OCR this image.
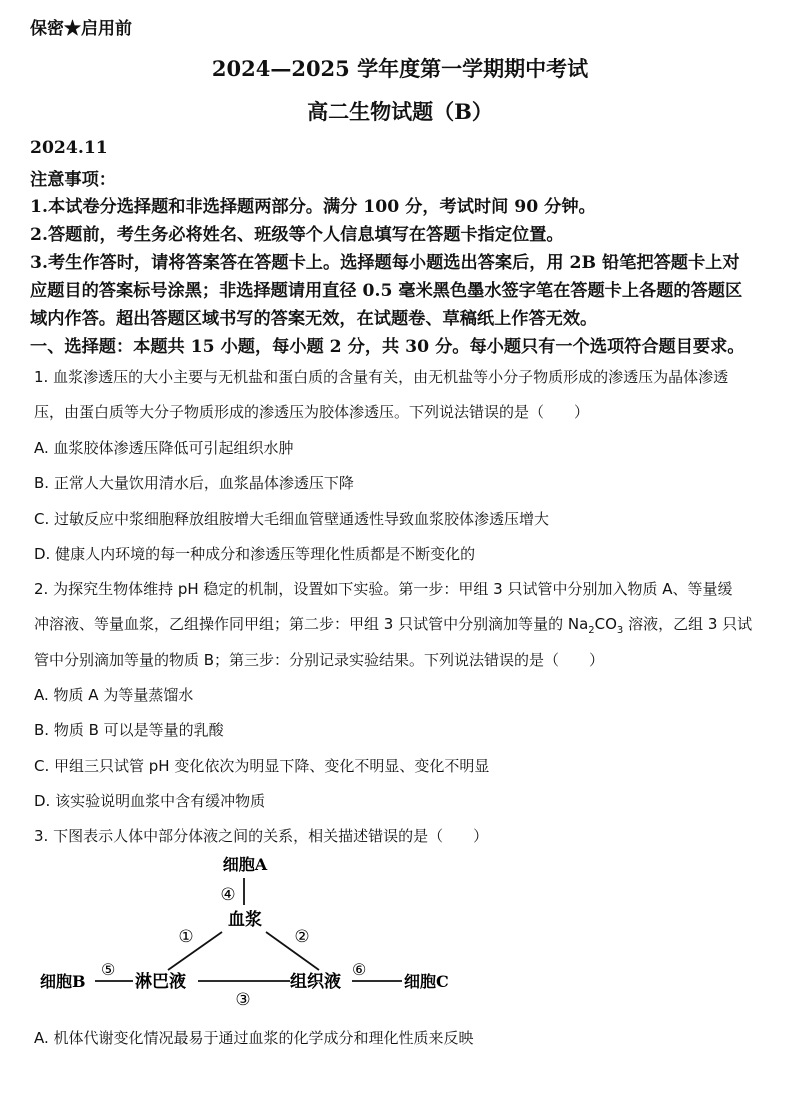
保密★启用前
2024—2025 学年度第一学期期中考试
高二生物试题（B）
2024.11
注意事项：
1.本试卷分选择题和非选择题两部分。满分 100 分，考试时间 90 分钟。
2.答题前，考生务必将姓名、班级等个人信息填写在答题卡指定位置。
3.考生作答时，请将答案答在答题卡上。选择题每小题选出答案后，用 2B 铅笔把答题卡上对
应题目的答案标号涂黑；非选择题请用直径 0.5 毫米黑色墨水签字笔在答题卡上各题的答题区
域内作答。超出答题区域书写的答案无效，在试题卷、草稿纸上作答无效。
一、选择题：本题共 15 小题，每小题 2 分，共 30 分。每小题只有一个选项符合题目要求。
1. 血浆渗透压的大小主要与无机盐和蛋白质的含量有关，由无机盐等小分子物质形成的渗透压为晶体渗透
压，由蛋白质等大分子物质形成的渗透压为胶体渗透压。下列说法错误的是（　　）
A. 血浆胶体渗透压降低可引起组织水肿
B. 正常人大量饮用清水后，血浆晶体渗透压下降
C. 过敏反应中浆细胞释放组胺增大毛细血管壁通透性导致血浆胶体渗透压增大
D. 健康人内环境的每一种成分和渗透压等理化性质都是不断变化的
2. 为探究生物体维持 pH 稳定的机制，设置如下实验。第一步：甲组 3 只试管中分别加入物质 A、等量缓
冲溶液、等量血浆，乙组操作同甲组；第二步：甲组 3 只试管中分别滴加等量的 $Na_2CO_3$ 溶液，乙组 3 只试
管中分别滴加等量的物质 B；第三步：分别记录实验结果。下列说法错误的是（　　）
A. 物质 A 为等量蒸馏水
B. 物质 B 可以是等量的乳酸
C. 甲组三只试管 pH 变化依次为明显下降、变化不明显、变化不明显
D. 该实验说明血浆中含有缓冲物质
3. 下图表示人体中部分体液之间的关系，相关描述错误的是（　　）
细胞A
④
血浆
①	②
细胞B
⑤
淋巴液	组织液
③
⑥
细胞C
A. 机体代谢变化情况最易于通过血浆的化学成分和理化性质来反映
